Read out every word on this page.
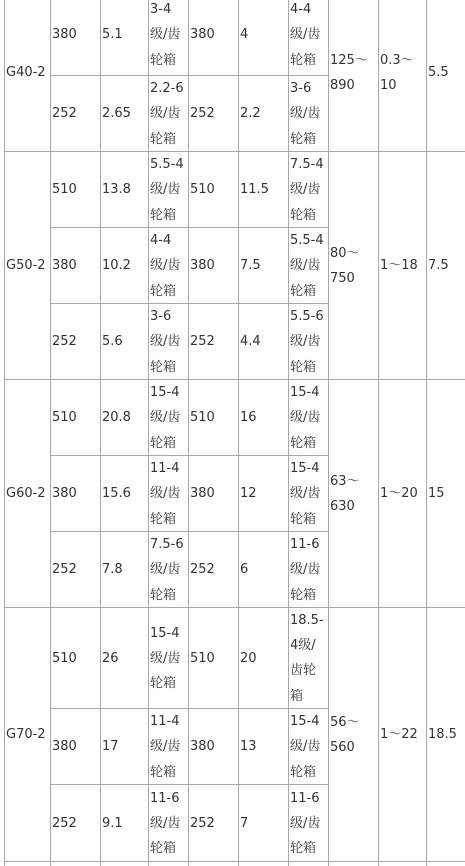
G40-2
125～
890
0.3～
10
5.5
380 5.1
3-4
级/齿
轮箱
380 4
4-4
级/齿
轮箱
252 2.65
2.2-6
级/齿
轮箱
252 2.2
3-6
级/齿
轮箱
G50-2
80～
750
1～18 7.5
510 13.8
5.5-4
级/齿
轮箱
510 11.5
7.5-4
级/齿
轮箱
380 10.2
4-4
级/齿
轮箱
380 7.5
5.5-4
级/齿
轮箱
252 5.6
3-6
级/齿
轮箱
252 4.4
5.5-6
级/齿
轮箱
G60-2
63～
630
1～20 15
510 20.8
15-4
级/齿
轮箱
510 16
15-4
级/齿
轮箱
380 15.6
11-4
级/齿
轮箱
380 12
15-4
级/齿
轮箱
252 7.8
7.5-6
级/齿
轮箱
252 6
11-6
级/齿
轮箱
G70-2
56～
560
1～22 18.5
510 26
15-4
级/齿
轮箱
510 20
18.5-
4级/
齿轮
箱
380 17
11-4
级/齿
轮箱
380 13
15-4
级/齿
轮箱
252 9.1
11-6
级/齿
轮箱
252 7
11-6
级/齿
轮箱
